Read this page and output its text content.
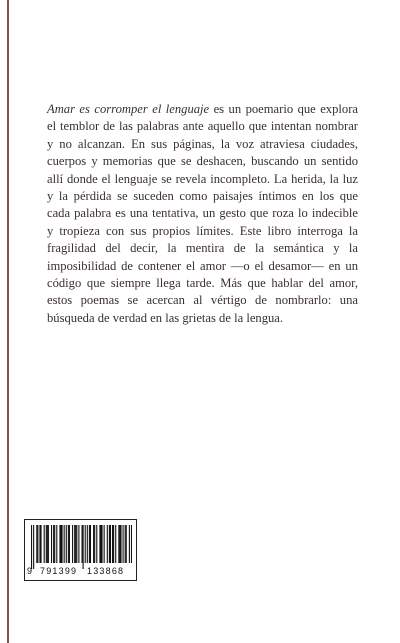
Amar es corromper el lenguaje es un poemario que explora el temblor de las palabras ante aquello que intentan nombrar y no alcanzan. En sus páginas, la voz atraviesa ciudades, cuerpos y memorias que se deshacen, buscando un sentido allí donde el lenguaje se revela incompleto. La herida, la luz y la pérdida se suceden como paisajes íntimos en los que cada palabra es una tentativa, un gesto que roza lo indecible y tropieza con sus propios límites. Este libro interroga la fragilidad del decir, la mentira de la semántica y la imposibilidad de contener el amor —o el desamor— en un código que siempre llega tarde. Más que hablar del amor, estos poemas se acercan al vértigo de nombrarlo: una búsqueda de verdad en las grietas de la lengua.

9 791399 133868
